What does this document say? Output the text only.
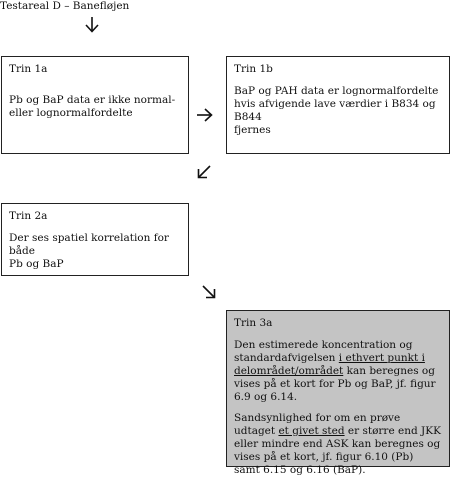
Testareal D – Banefløjen
Trin 1a
Pb og BaP data er ikke normal-
eller lognormalfordelte
Trin 1b
BaP og PAH data er lognormalfordelte
hvis afvigende lave værdier i B834 og B844
fjernes
Trin 2a
Der ses spatiel korrelation for både
Pb og BaP
Trin 3a

Den estimerede koncentration og standardafvigelsen i ethvert punkt i delområdet/området kan beregnes og vises på et kort for Pb og BaP, jf. figur 6.9 og 6.14.

Sandsynlighed for om en prøve udtaget et givet sted er større end JKK eller mindre end ASK kan beregnes og vises på et kort, jf. figur 6.10 (Pb) samt 6.15 og 6.16 (BaP).
